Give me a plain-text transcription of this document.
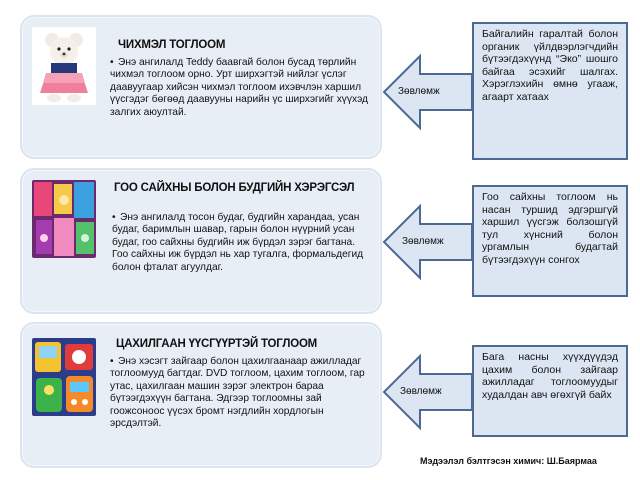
ЧИХМЭЛ ТОГЛООМ
• Энэ ангилалд Teddy баавгай болон бусад төрлийн чихмэл тоглоом орно. Урт ширхэгтэй нийлэг үслэг даавуугаар хийсэн чихмэл тоглоом ихэвчлэн харшил үүсгэдэг бөгөөд даавууны нарийн үс ширхэгийг хүүхэд залгих аюултай.
ГОО САЙХНЫ БОЛОН БУДГИЙН ХЭРЭГСЭЛ
• Энэ ангилалд тосон будаг, будгийн харандаа, усан будаг, баримлын шавар, гарын болон нүүрний усан будаг, гоо сайхны будгийн иж бүрдэл зэрэг багтана. Гоо сайхны иж бүрдэл нь хар тугалга, формальдегид болон фталат агуулдаг.
ЦАХИЛГААН ҮҮСГҮҮРТЭЙ ТОГЛООМ
• Энэ хэсэгт зайгаар болон цахилгаанаар ажилладаг тоглоомууд багтдаг. DVD тоглоом, цахим тоглоом, гар утас, цахилгаан машин зэрэг электрон бараа бүтээгдэхүүн багтана. Эдгээр тоглоомны зай гоожсоноос үүсэх бромт нэгдлийн хордлогын эрсдэлтэй.
Зөвлөмж
Зөвлөмж
Зөвлөмж
Байгалийн гаралтай болон органик үйлдвэрлэгчдийн бүтээгдэхүүнд “Эко” шошго байгаа эсэхийг шалгах. Хэрэглэхийн өмнө угааж, агаарт хатаах
Гоо сайхны тоглоом нь насан туршид эдгэршгүй харшил үүсгэж болзошгүй тул хүнсний болон ургамлын будагтай бүтээгдэхүүн сонгох
Бага насны хүүхдүүдэд цахим болон зайгаар ажилладаг тоглоомуудыг худалдан авч өгөхгүй байх
Мэдээлэл бэлтгэсэн химич: Ш.Баярмаа
